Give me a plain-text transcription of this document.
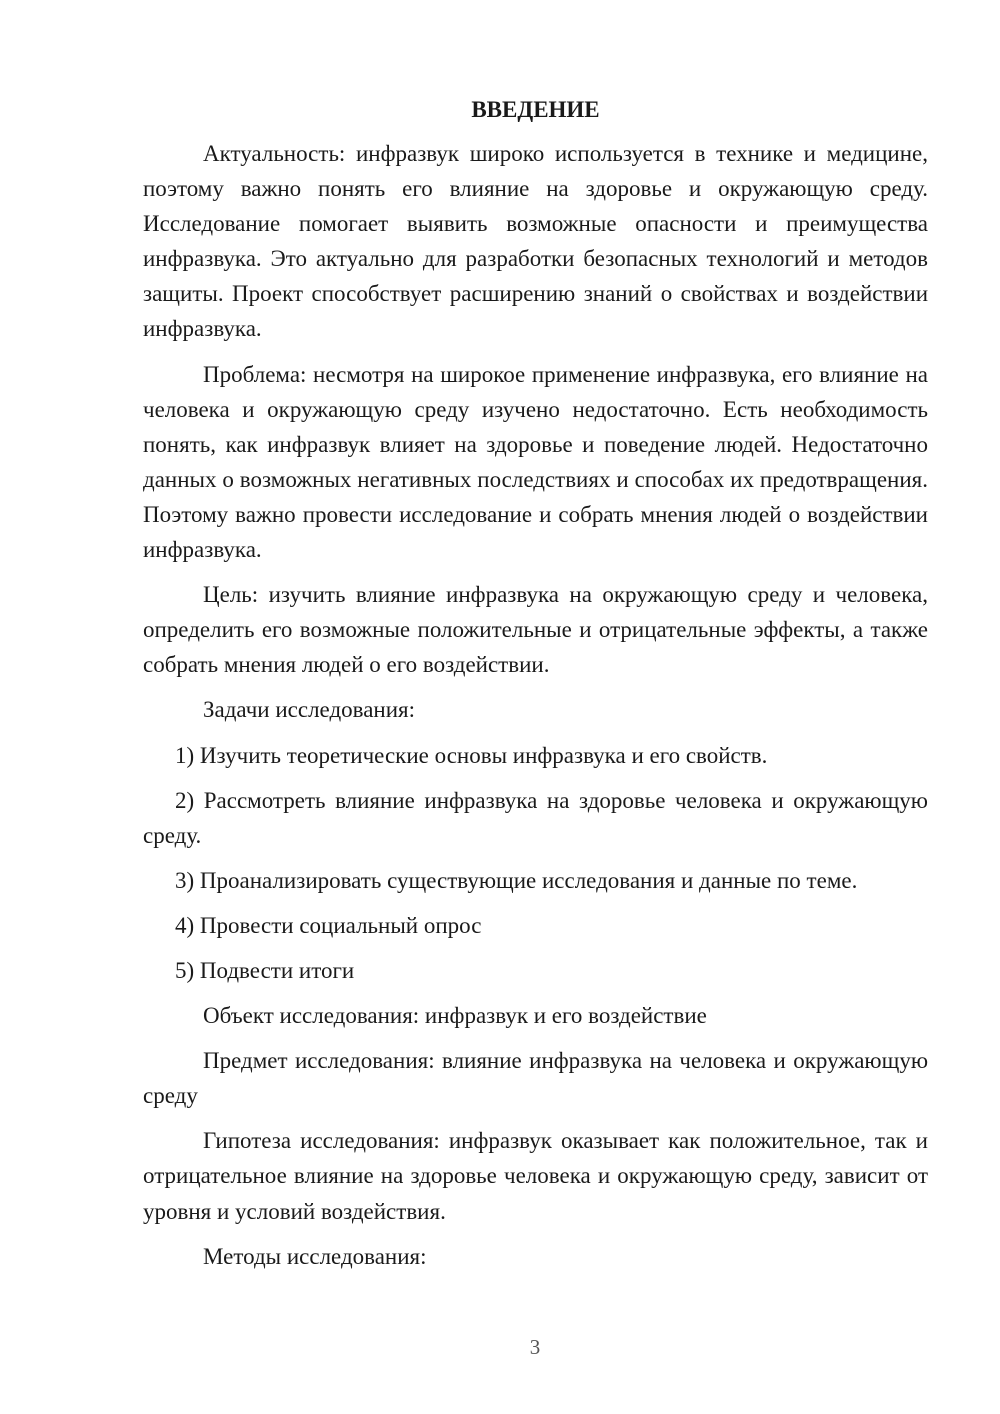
ВВЕДЕНИЕ
Актуальность: инфразвук широко используется в технике и медицине, поэтому важно понять его влияние на здоровье и окружающую среду. Исследование помогает выявить возможные опасности и преимущества инфразвука. Это актуально для разработки безопасных технологий и методов защиты. Проект способствует расширению знаний о свойствах и воздействии инфразвука.
Проблема: несмотря на широкое применение инфразвука, его влияние на человека и окружающую среду изучено недостаточно. Есть необходимость понять, как инфразвук влияет на здоровье и поведение людей. Недостаточно данных о возможных негативных последствиях и способах их предотвращения. Поэтому важно провести исследование и собрать мнения людей о воздействии инфразвука.
Цель: изучить влияние инфразвука на окружающую среду и человека, определить его возможные положительные и отрицательные эффекты, а также собрать мнения людей о его воздействии.
Задачи исследования:
1) Изучить теоретические основы инфразвука и его свойств.
2) Рассмотреть влияние инфразвука на здоровье человека и окружающую среду.
3) Проанализировать существующие исследования и данные по теме.
4) Провести социальный опрос
5) Подвести итоги
Объект исследования: инфразвук и его воздействие
Предмет исследования: влияние инфразвука на человека и окружающую среду
Гипотеза исследования: инфразвук оказывает как положительное, так и отрицательное влияние на здоровье человека и окружающую среду, зависит от уровня и условий воздействия.
Методы исследования:
3
